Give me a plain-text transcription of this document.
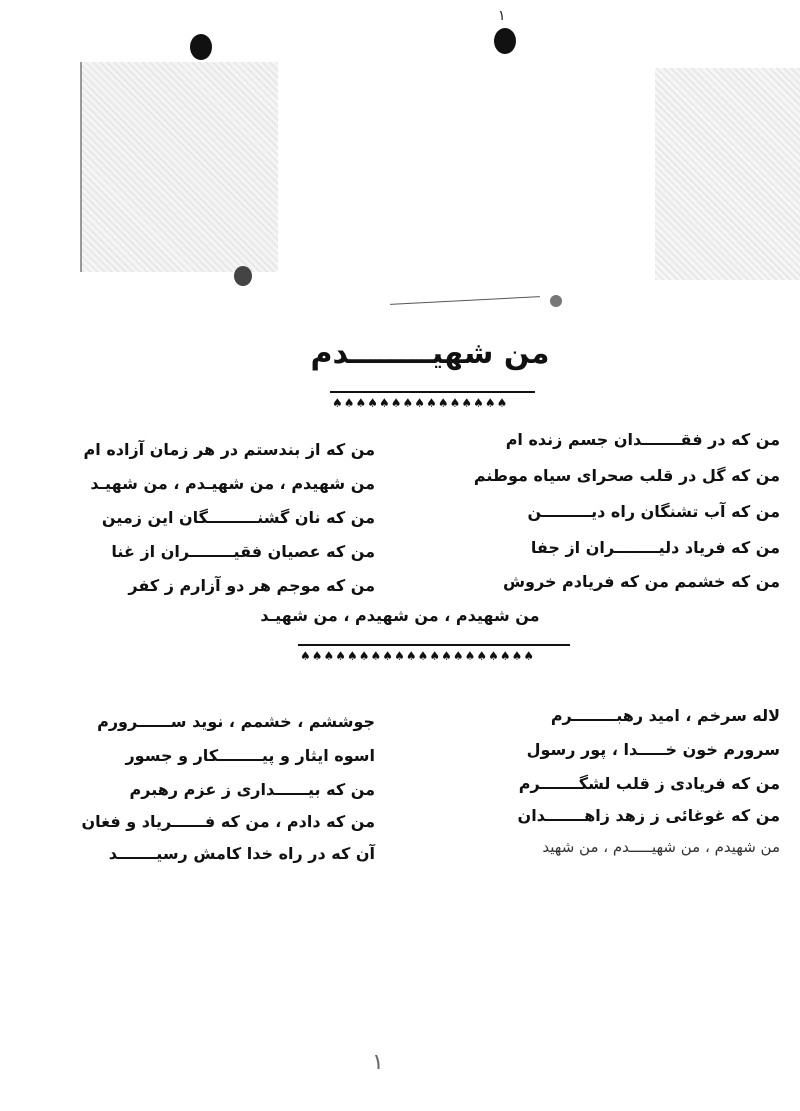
۱
من شهیــــــــدم
♠♠♠♠♠♠♠♠♠♠♠♠♠♠♠
من که در فقـــــــدان جسم زنده ام
من که گل در قلب صحرای سیاه موطنم
من که آب تشنگان راه دیـــــــــن
من که فریاد دلیــــــــران از جفا
من که خشمم من که فریادم خروش
من که از بندستم در هر زمان آزاده ام
من شهیدم ، من شهیـدم ، من شهیـد
من که نان گشنـــــــــگان این زمین
من که عصیان فقیــــــــران از غنا
من که موجم هر دو آزارم ز کفر
من شهیدم ، من شهیدم ، من شهیـد
♠♠♠♠♠♠♠♠♠♠♠♠♠♠♠♠♠♠♠♠
لاله سرخم ، امید رهبــــــــرم
سرورم خون خـــــدا ، پور رسول
من که فریادی ز قلب لشگـــــــرم
من که غوغائی ز زهد زاهـــــــدان
من شهیدم ، من شهیـــــدم ، من شهید
جوششم ، خشمم ، نوید ســــــرورم
اسوه ایثار و پیــــــــکار و جسور
من که بیــــــداری ز عزم رهبرم
من که دادم ، من که فــــــریاد و فغان
آن که در راه خدا کامش رسیـــــــد
۱
